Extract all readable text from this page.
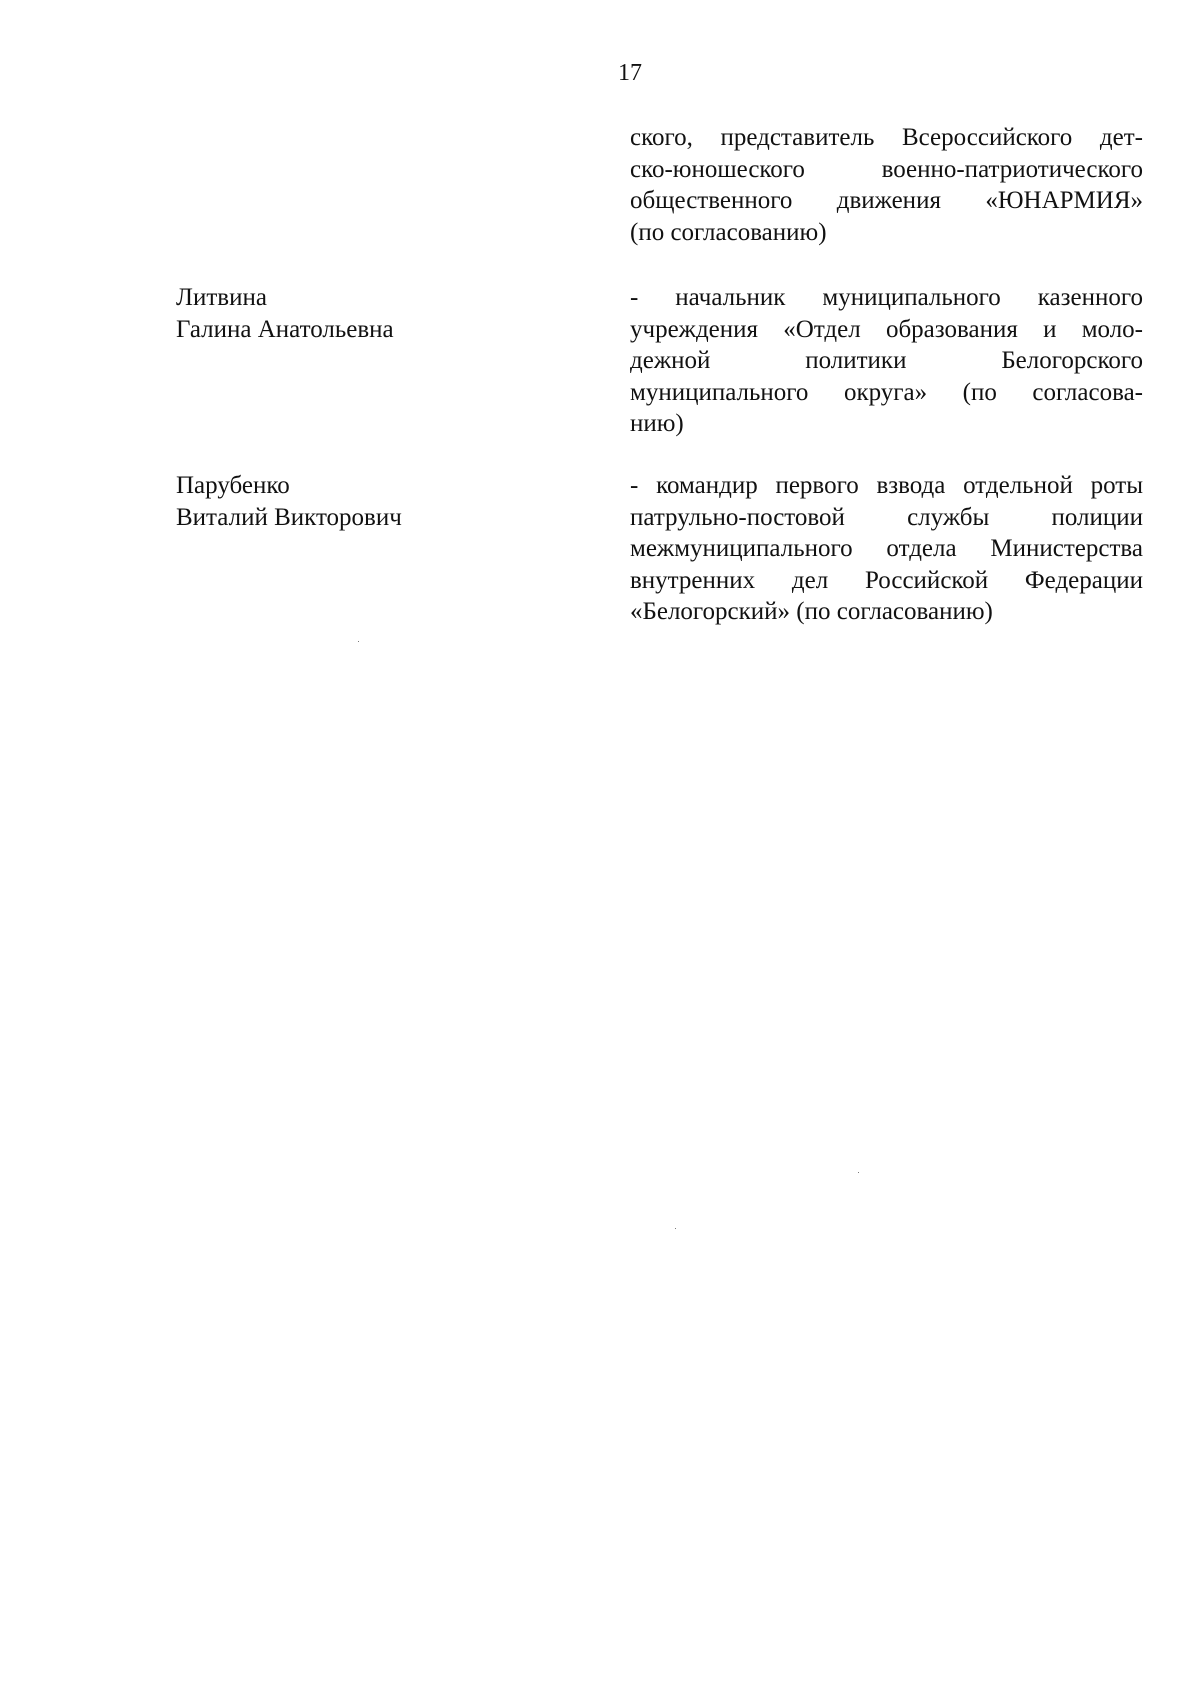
17
ского, представитель Всероссийского дет-
ско-юношеского военно-патриотического
общественного движения «ЮНАРМИЯ»
(по согласованию)
Литвина
Галина Анатольевна
- начальник муниципального казенного
учреждения «Отдел образования и моло-
дежной политики Белогорского
муниципального округа» (по согласова-
нию)
Парубенко
Виталий Викторович
- командир первого взвода отдельной роты
патрульно-постовой службы полиции
межмуниципального отдела Министерства
внутренних дел Российской Федерации
«Белогорский» (по согласованию)
